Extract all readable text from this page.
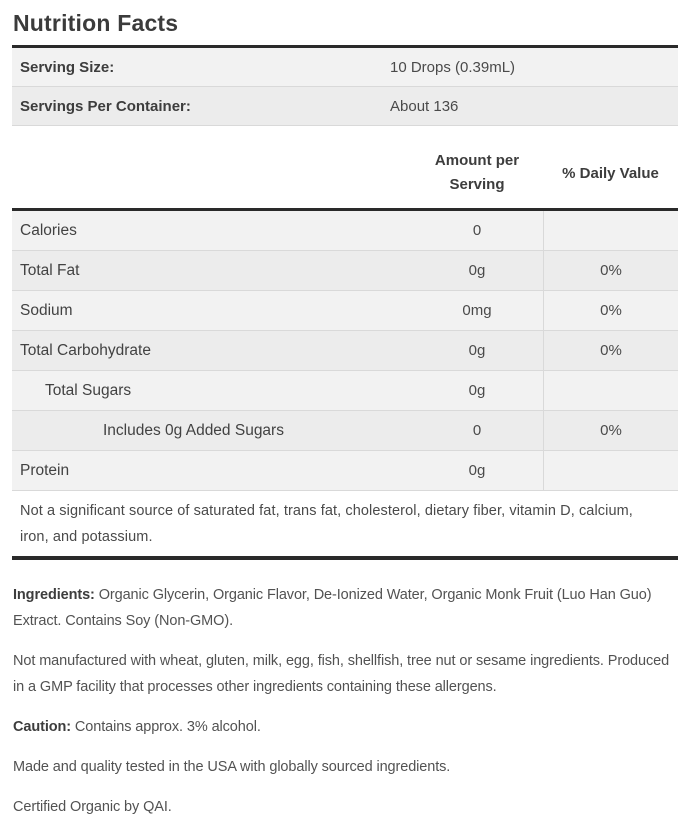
Nutrition Facts
Serving Size:	10 Drops (0.39mL)
Servings Per Container:	About 136
Amount per Serving
% Daily Value
Calories	0
Total Fat	0g	0%
Sodium	0mg	0%
Total Carbohydrate	0g	0%
Total Sugars	0g
Includes 0g Added Sugars	0	0%
Protein	0g
Not a significant source of saturated fat, trans fat, cholesterol, dietary fiber, vitamin D, calcium, iron, and potassium.

Ingredients: Organic Glycerin, Organic Flavor, De-Ionized Water, Organic Monk Fruit (Luo Han Guo) Extract. Contains Soy (Non-GMO).

Not manufactured with wheat, gluten, milk, egg, fish, shellfish, tree nut or sesame ingredients. Produced in a GMP facility that processes other ingredients containing these allergens.

Caution: Contains approx. 3% alcohol.

Made and quality tested in the USA with globally sourced ingredients.

Certified Organic by QAI.
